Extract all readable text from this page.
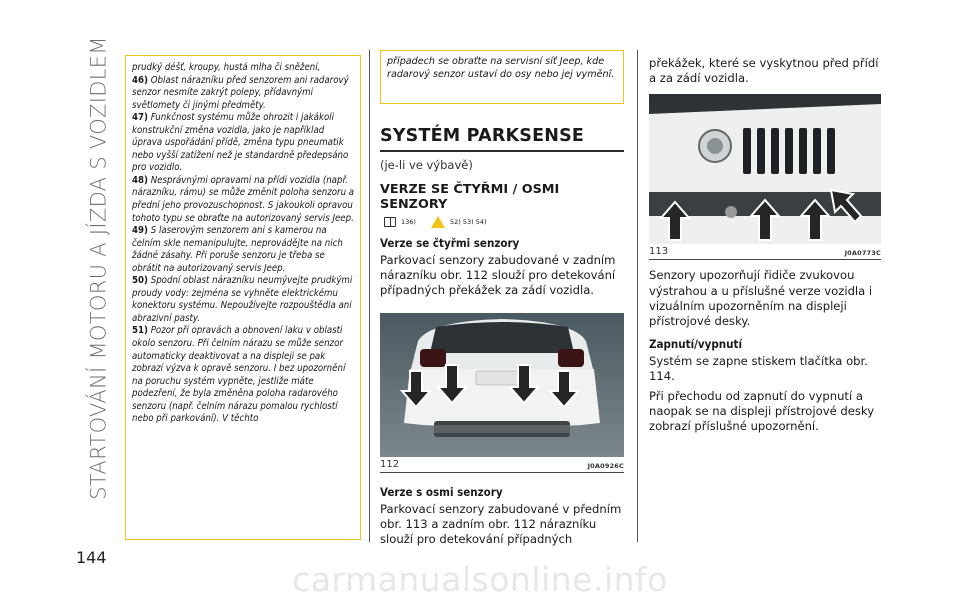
STARTOVÁNÍ MOTORU A JÍZDA S VOZIDLEM
144

prudký déšť, kroupy, hustá mlha či sněžení,

46) Oblast nárazníku před senzorem ani radarový senzor nesmíte zakrýt polepy, přídavnými světlomety či jinými předměty.

47) Funkčnost systému může ohrozit i jakákoli konstrukční změna vozidla, jako je například úprava uspořádání přídě, změna typu pneumatik nebo vyšší zatížení než je standardně předepsáno pro vozidlo.

48) Nesprávnými opravami na přídi vozidla (např. nárazníku, rámu) se může změnit poloha senzoru a přední jeho provozuschopnost. S jakoukoli opravou tohoto typu se obraťte na autorizovaný servis Jeep.

49) S laserovým senzorem ani s kamerou na čelním skle nemanipulujte, neprovádějte na nich žádné zásahy. Při poruše senzoru je třeba se obrátit na autorizovaný servis Jeep.

50) Spodní oblast nárazníku neumývejte prudkými proudy vody: zejména se vyhněte elektrickému konektoru systému. Nepoužívejte rozpouštědla ani abrazivní pasty.

51) Pozor při opravách a obnovení laku v oblasti okolo senzoru. Při čelním nárazu se může senzor automaticky deaktivovat a na displeji se pak zobrazí výzva k opravě senzoru. I bez upozornění na poruchu systém vypněte, jestliže máte podezření, že byla změněna poloha radarového senzoru (např. čelním nárazu pomalou rychlostí nebo při parkování). V těchto

případech se obraťte na servisní síť Jeep, kde radarový senzor ustaví do osy nebo jej vyměnî.
SYSTÉM PARKSENSE
(je-li ve výbavě)
VERZE SE ČTYŘMI / OSMI SENZORY
136)	52) 53) 54)
Verze se čtyřmi senzory
Parkovací senzory zabudované v zadním nárazníku obr. 112 slouží pro detekování případných překážek za zádí vozidla.
112	J0A0926C
Verze s osmi senzory
Parkovací senzory zabudované v předním obr. 113 a zadním obr. 112 nárazníku slouží pro detekování případných
překážek, které se vyskytnou před přídí a za zádí vozidla.
113	J0A0773C
Senzory upozorňují řidiče zvukovou výstrahou a u příslušné verze vozidla i vizuálním upozorněním na displeji přístrojové desky.
Zapnutí/vypnutí
Systém se zapne stiskem tlačítka obr. 114.
Při přechodu od zapnutí do vypnutí a naopak se na displeji přístrojové desky zobrazí příslušné upozornění.
carmanualsonline.info
